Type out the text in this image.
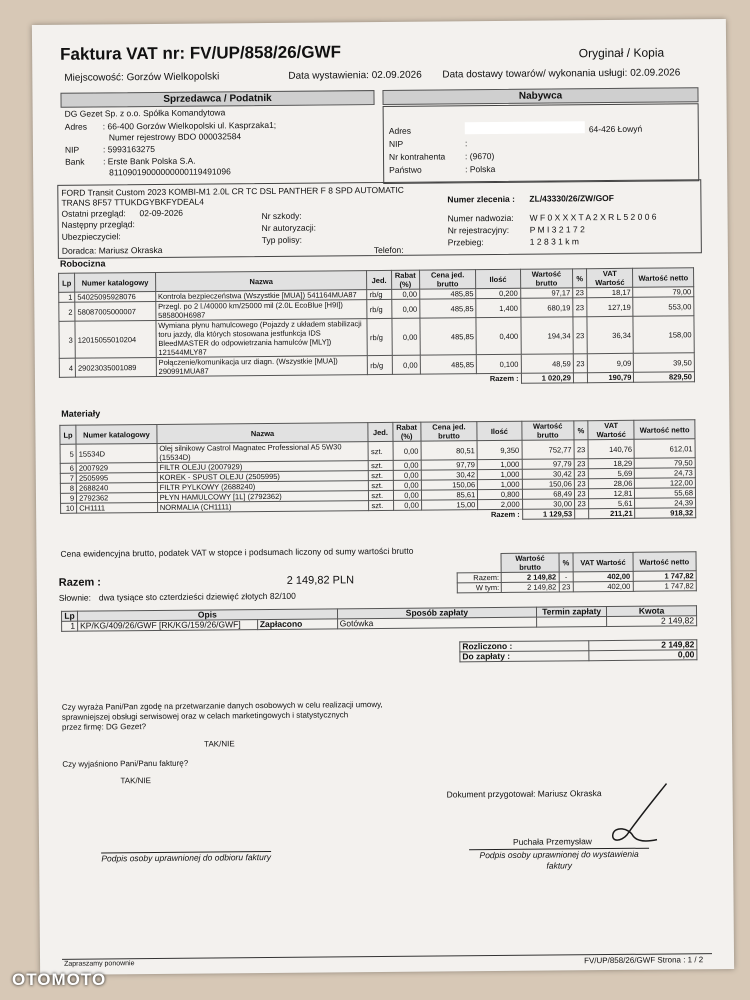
Faktura VAT nr: FV/UP/858/26/GWF	Oryginał / Kopia
Miejscowość: Gorzów Wielkopolski	Data wystawienia: 02.09.2026 Data dostawy towarów/ wykonania usługi: 02.09.2026
Sprzedawca / Podatnik
DG Gezet Sp. z o.o. Spółka Komandytowa
Adres : 66-400 Gorzów Wielkopolski ul. Kasprzaka1;
Numer rejestrowy BDO 000032584
NIP	: 5993163275
Bank : Erste Bank Polska S.A.
81109019000000000119491096
Nabywca
Adres	64-426 Łowyń
NIP	:
Nr kontrahenta : (9670)
Państwo	: Polska
FORD Transit Custom 2023 KOMBI-M1 2.0L CR TC DSL PANTHER F 8 SPD AUTOMATIC
TRANS 8F57 TTUKDGYBKFYDEAL4
Ostatni przegląd: 02-09-2026
Następny przegląd:
Ubezpieczyciel:
Nr szkody:
Nr autoryzacji:
Typ polisy:
Numer zlecenia : ZL/43330/26/ZW/GOF
Numer nadwozia: W F 0 X X X T A 2 X R L 5 2 0 0 6
Nr rejestracyjny: P M I 3 2 1 7 2
Przebieg:	1 2 8 3 1 k m
Doradca: Mariusz Okraska	Telefon:
Robocizna
Lp	Numer katalogowy	Nazwa	Jed.	Rabat (%)	Cena jed. brutto	Ilość	Wartość brutto	%	VAT Wartość	Wartość netto
1	54025095928076	Kontrola bezpieczeństwa (Wszystkie [MUA]) 541164MUA87	rb/g	0,00	485,85	0,200	97,17	23	18,17	79,00
2	58087005000007	Przegl. po 2 l./40000 km/25000 mil (2.0L EcoBlue [H9I]) 585800H6987	rb/g	0,00	485,85	1,400	680,19	23	127,19	553,00
3	12015055010204	Wymiana płynu hamulcowego (Pojazdy z układem stabilizacji toru jazdy, dla których stosowana jestfunkcja IDS BleedMASTER do odpowietrzania hamulców [MLY]) 121544MLY87	rb/g	0,00	485,85	0,400	194,34	23	36,34	158,00
4	29023035001089	Połączenie/komunikacja urz diagn. (Wszystkie [MUA]) 290991MUA87	rb/g	0,00	485,85	0,100	48,59	23	9,09	39,50
Razem :							1 020,29		190,79	829,50
Materiały
Lp	Numer katalogowy	Nazwa	Jed.	Rabat (%)	Cena jed. brutto	Ilość	Wartość brutto	%	VAT Wartość	Wartość netto
5	15534D	Olej silnikowy Castrol Magnatec Professional A5 5W30 (15534D)	szt.	0,00	80,51	9,350	752,77	23	140,76	612,01
6	2007929	FILTR OLEJU (2007929)	szt.	0,00	97,79	1,000	97,79	23	18,29	79,50
7	2505995	KOREK - SPUST OLEJU (2505995)	szt.	0,00	30,42	1,000	30,42	23	5,69	24,73
8	2688240	FILTR PYLKOWY (2688240)	szt.	0,00	150,06	1,000	150,06	23	28,06	122,00
9	2792362	PŁYN HAMULCOWY [1L] (2792362)	szt.	0,00	85,61	0,800	68,49	23	12,81	55,68
10	CH1111	NORMALIA (CH1111)	szt.	0,00	15,00	2,000	30,00	23	5,61	24,39
Razem :							1 129,53		211,21	918,32
Cena ewidencyjna brutto, podatek VAT w stopce i podsumach liczony od sumy wartości brutto
Razem :	2 149,82 PLN
Słownie: dwa tysiące sto czterdzieści dziewięć złotych 82/100
	Wartość brutto	%	VAT Wartość	Wartość netto
Razem:	2 149,82	-	402,00	1 747,82
W tym:	2 149,82	23	402,00	1 747,82
Lp	Opis		Sposób zapłaty	Termin zapłaty	Kwota
1	KP/KG/409/26/GWF [RK/KG/159/26/GWF]	Zapłacono	Gotówka		2 149,82
Rozliczono :	2 149,82
Do zapłaty :	0,00
Czy wyraża Pani/Pan zgodę na przetwarzanie danych osobowych w celu realizacji umowy,
sprawniejszej obsługi serwisowej oraz w celach marketingowych i statystycznych
przez firmę: DG Gezet?
TAK/NIE
Czy wyjaśniono Pani/Panu fakturę?
TAK/NIE
Dokument przygotował: Mariusz Okraska
Puchała Przemysław
Podpis osoby uprawnionej do odbioru faktury	Podpis osoby uprawnionej do wystawienia faktury
Zapraszamy ponownie	FV/UP/858/26/GWF Strona : 1 / 2
OTOMOTO
